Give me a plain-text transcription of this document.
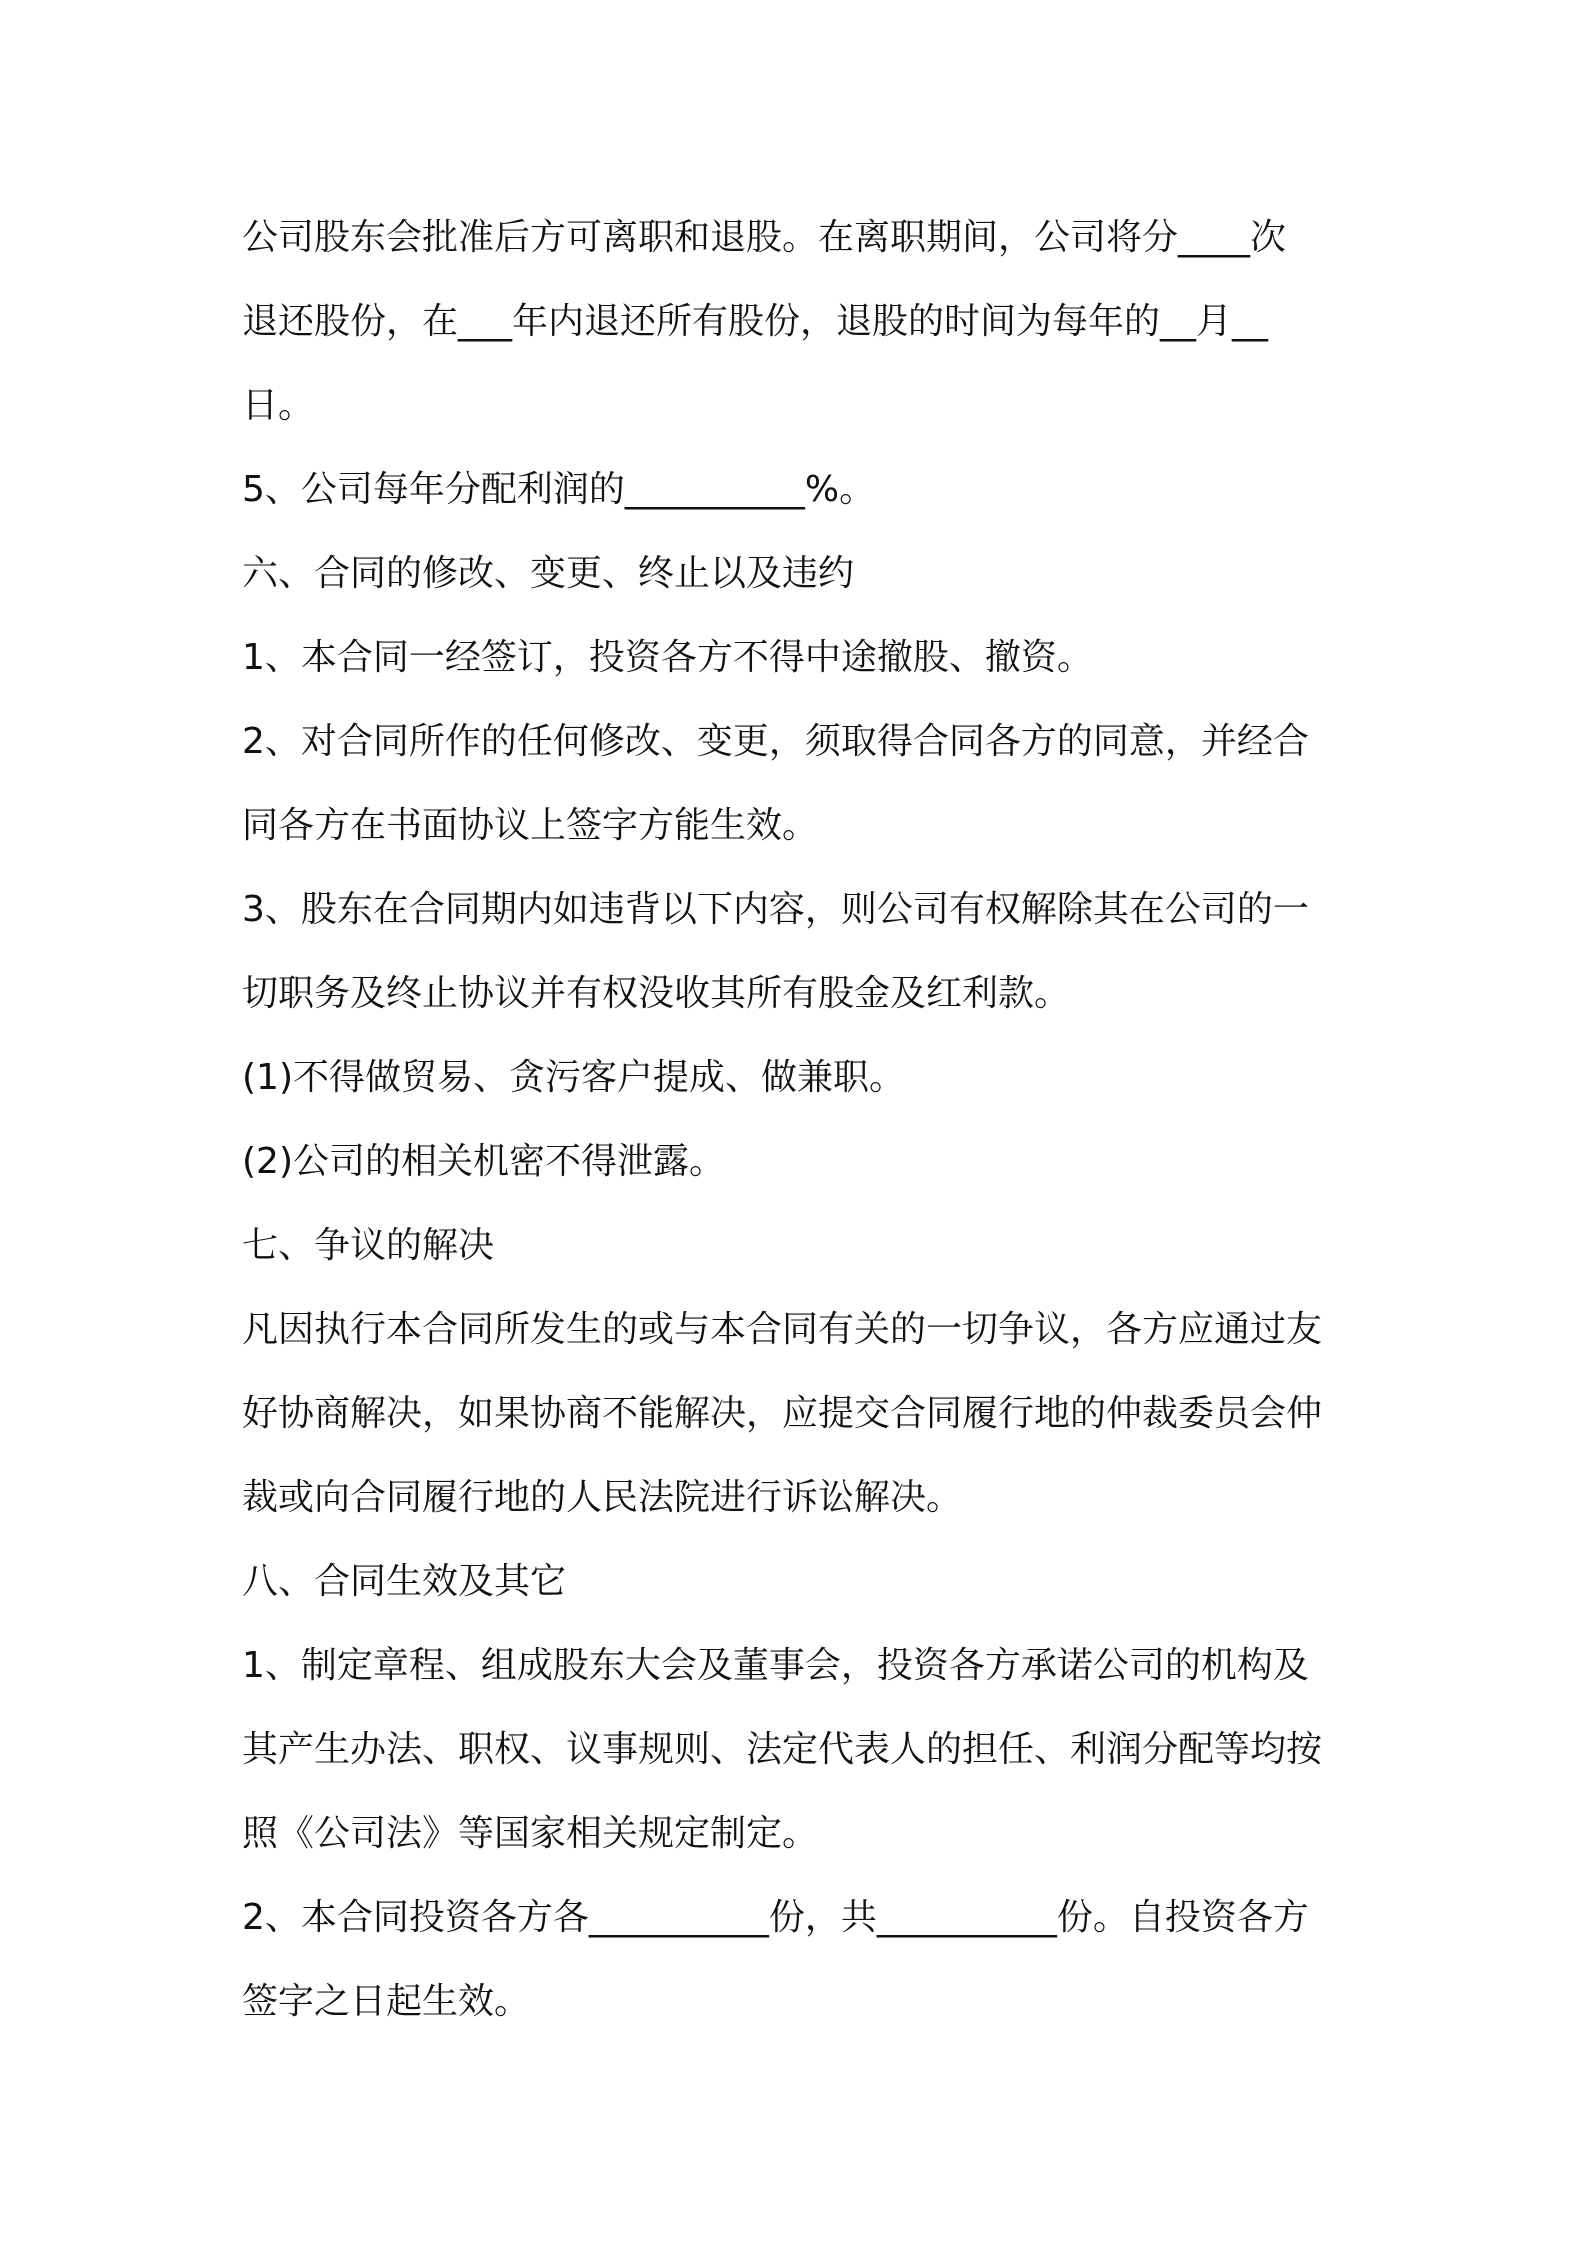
公司股东会批准后方可离职和退股。在离职期间，公司将分____次
退还股份，在___年内退还所有股份，退股的时间为每年的__月__
日。
5、公司每年分配利润的__________%。
六、合同的修改、变更、终止以及违约
1、本合同一经签订，投资各方不得中途撤股、撤资。
2、对合同所作的任何修改、变更，须取得合同各方的同意，并经合
同各方在书面协议上签字方能生效。
3、股东在合同期内如违背以下内容，则公司有权解除其在公司的一
切职务及终止协议并有权没收其所有股金及红利款。
(1)不得做贸易、贪污客户提成、做兼职。
(2)公司的相关机密不得泄露。
七、争议的解决
凡因执行本合同所发生的或与本合同有关的一切争议，各方应通过友
好协商解决，如果协商不能解决，应提交合同履行地的仲裁委员会仲
裁或向合同履行地的人民法院进行诉讼解决。
八、合同生效及其它
1、制定章程、组成股东大会及董事会，投资各方承诺公司的机构及
其产生办法、职权、议事规则、法定代表人的担任、利润分配等均按
照《公司法》等国家相关规定制定。
2、本合同投资各方各__________份，共__________份。自投资各方
签字之日起生效。
